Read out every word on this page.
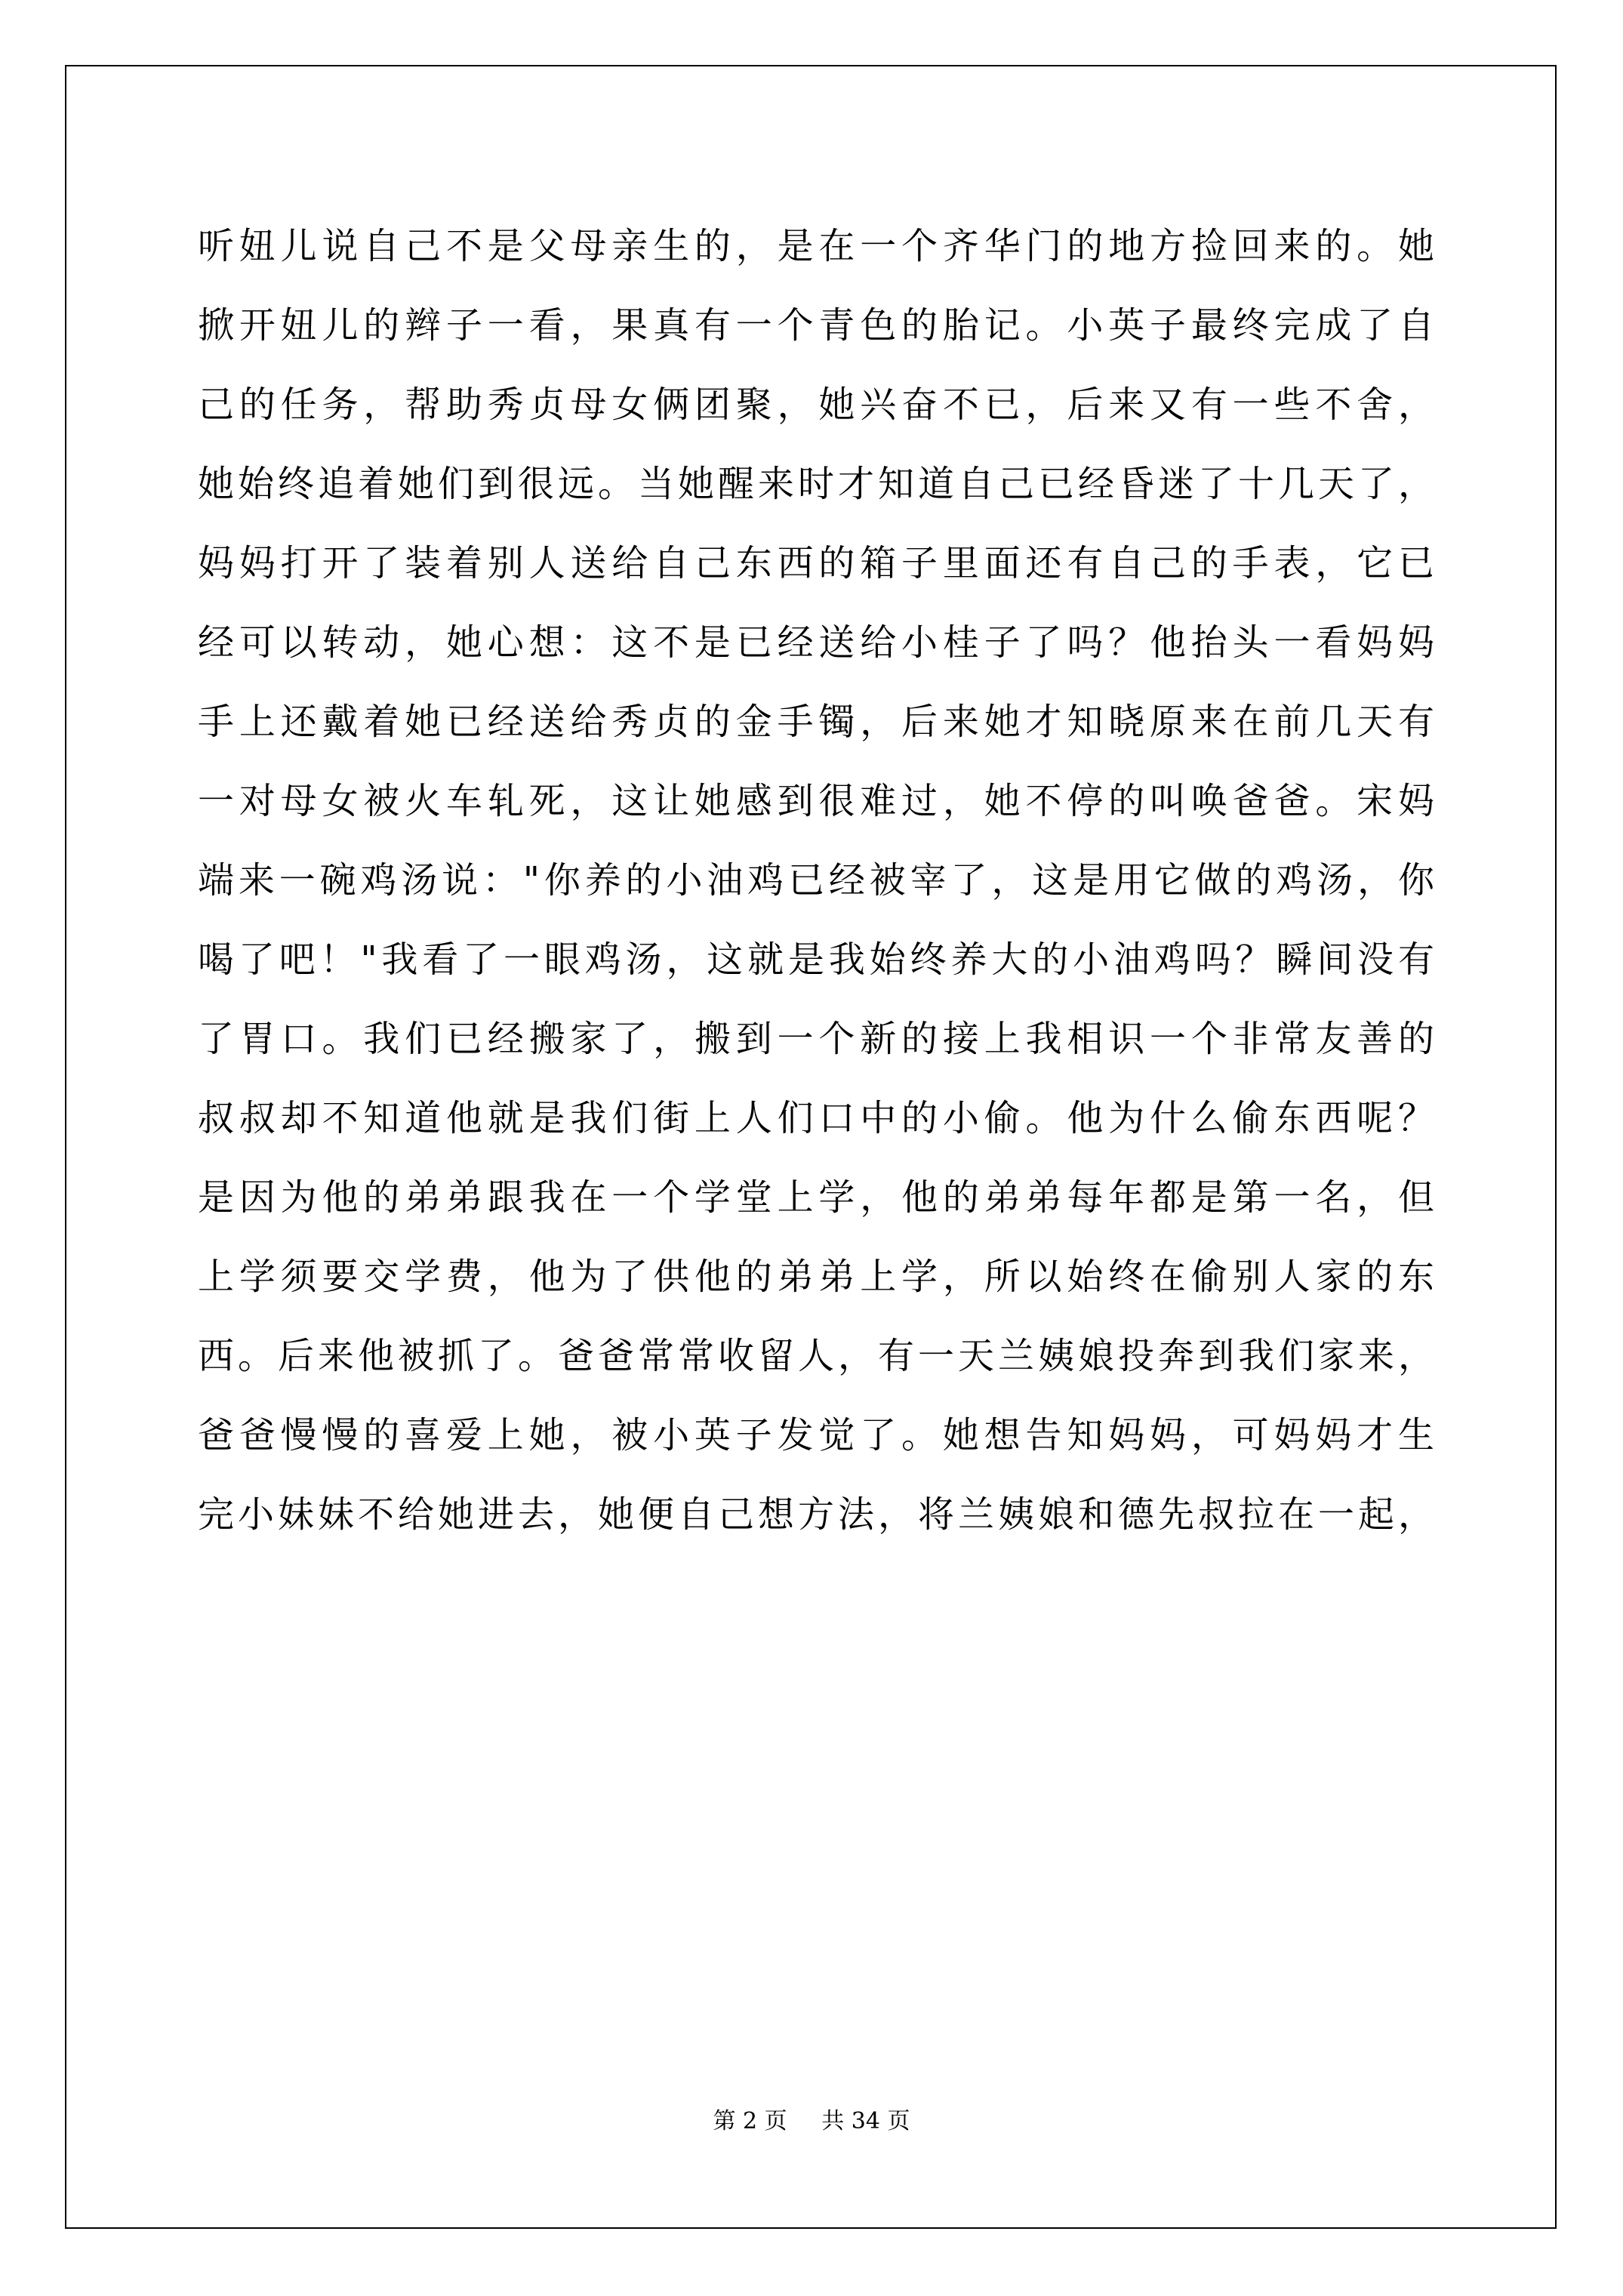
听妞儿说自己不是父母亲生的，是在一个齐华门的地方捡回来的。她
掀开妞儿的辫子一看，果真有一个青色的胎记。小英子最终完成了自
己的任务，帮助秀贞母女俩团聚，她兴奋不已，后来又有一些不舍，
她始终追着她们到很远。当她醒来时才知道自己已经昏迷了十几天了，
妈妈打开了装着别人送给自己东西的箱子里面还有自己的手表，它已
经可以转动，她心想：这不是已经送给小桂子了吗？他抬头一看妈妈
手上还戴着她已经送给秀贞的金手镯，后来她才知晓原来在前几天有
一对母女被火车轧死，这让她感到很难过，她不停的叫唤爸爸。宋妈
端来一碗鸡汤说："你养的小油鸡已经被宰了，这是用它做的鸡汤，你
喝了吧！"我看了一眼鸡汤，这就是我始终养大的小油鸡吗？瞬间没有
了胃口。我们已经搬家了，搬到一个新的接上我相识一个非常友善的
叔叔却不知道他就是我们街上人们口中的小偷。他为什么偷东西呢？
是因为他的弟弟跟我在一个学堂上学，他的弟弟每年都是第一名，但
上学须要交学费，他为了供他的弟弟上学，所以始终在偷别人家的东
西。后来他被抓了。爸爸常常收留人，有一天兰姨娘投奔到我们家来，
爸爸慢慢的喜爱上她，被小英子发觉了。她想告知妈妈，可妈妈才生
完小妹妹不给她进去，她便自己想方法，将兰姨娘和德先叔拉在一起，
第 2 页 共 34 页
